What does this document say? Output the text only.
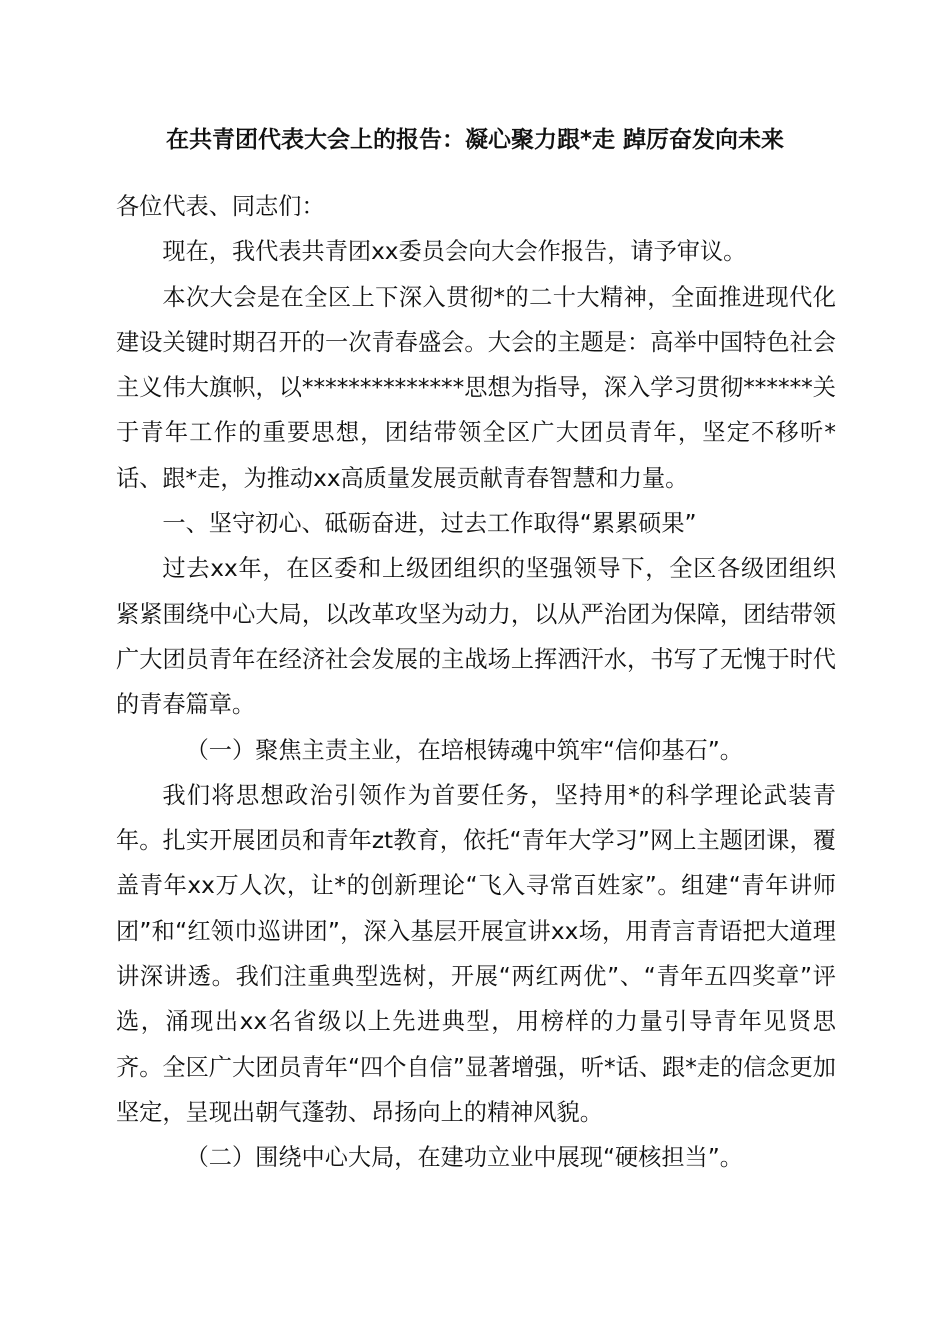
在共青团代表大会上的报告：凝心聚力跟*走 踔厉奋发向未来

各位代表、同志们：

现在，我代表共青团xx委员会向大会作报告，请予审议。

本次大会是在全区上下深入贯彻*的二十大精神，全面推进现代化建设关键时期召开的一次青春盛会。大会的主题是：高举中国特色社会主义伟大旗帜，以**************思想为指导，深入学习贯彻******关于青年工作的重要思想，团结带领全区广大团员青年，坚定不移听*话、跟*走，为推动xx高质量发展贡献青春智慧和力量。

一、坚守初心、砥砺奋进，过去工作取得“累累硕果”

过去xx年，在区委和上级团组织的坚强领导下，全区各级团组织紧紧围绕中心大局，以改革攻坚为动力，以从严治团为保障，团结带领广大团员青年在经济社会发展的主战场上挥洒汗水，书写了无愧于时代的青春篇章。

（一）聚焦主责主业，在培根铸魂中筑牢“信仰基石”。

我们将思想政治引领作为首要任务，坚持用*的科学理论武装青年。扎实开展团员和青年zt教育，依托“青年大学习”网上主题团课，覆盖青年xx万人次，让*的创新理论“飞入寻常百姓家”。组建“青年讲师团”和“红领巾巡讲团”，深入基层开展宣讲xx场，用青言青语把大道理讲深讲透。我们注重典型选树，开展“两红两优”、“青年五四奖章”评选，涌现出xx名省级以上先进典型，用榜样的力量引导青年见贤思齐。全区广大团员青年“四个自信”显著增强，听*话、跟*走的信念更加坚定，呈现出朝气蓬勃、昂扬向上的精神风貌。

（二）围绕中心大局，在建功立业中展现“硬核担当”。
